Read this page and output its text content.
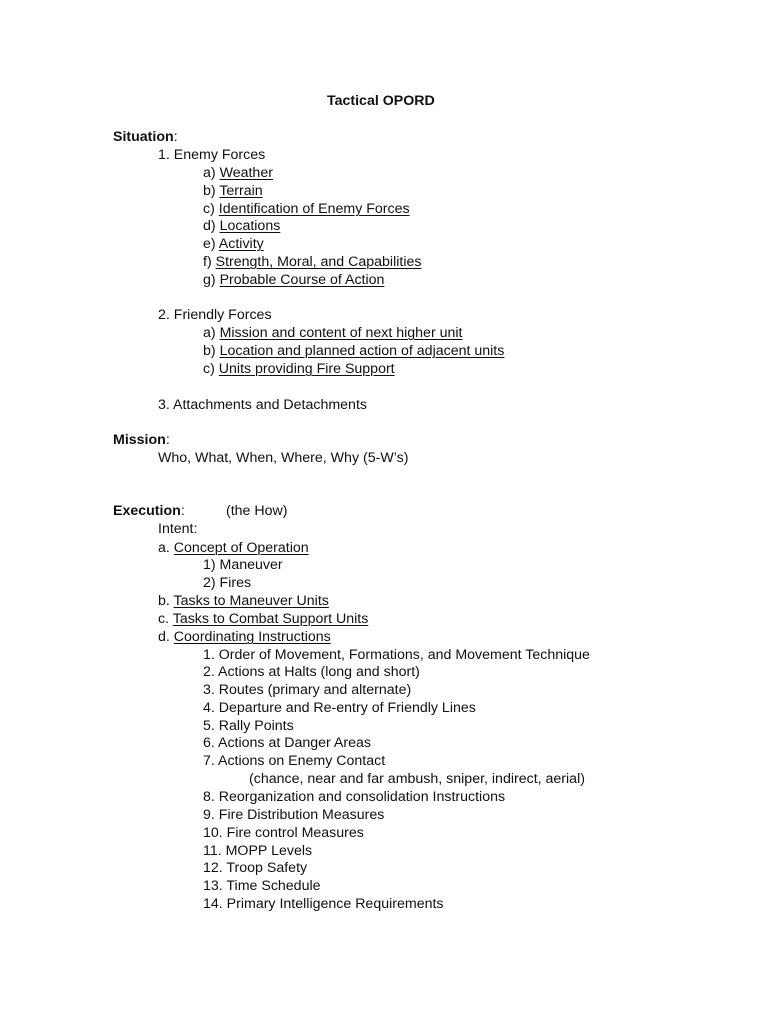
Tactical OPORD

Situation:

1. Enemy Forces

a) Weather

b) Terrain

c) Identification of Enemy Forces

d) Locations

e) Activity

f) Strength, Moral, and Capabilities

g) Probable Course of Action

2. Friendly Forces

a) Mission and content of next higher unit

b) Location and planned action of adjacent units

c) Units providing Fire Support

3. Attachments and Detachments

Mission:

Who, What, When, Where, Why (5-W’s)

Execution:	(the How)

Intent:

a. Concept of Operation

1) Maneuver

2) Fires

b. Tasks to Maneuver Units

c. Tasks to Combat Support Units

d. Coordinating Instructions

1. Order of Movement, Formations, and Movement Technique

2. Actions at Halts (long and short)

3. Routes (primary and alternate)

4. Departure and Re-entry of Friendly Lines

5. Rally Points

6. Actions at Danger Areas

7. Actions on Enemy Contact

(chance, near and far ambush, sniper, indirect, aerial)

8. Reorganization and consolidation Instructions

9. Fire Distribution Measures

10. Fire control Measures

11. MOPP Levels

12. Troop Safety

13. Time Schedule

14. Primary Intelligence Requirements
